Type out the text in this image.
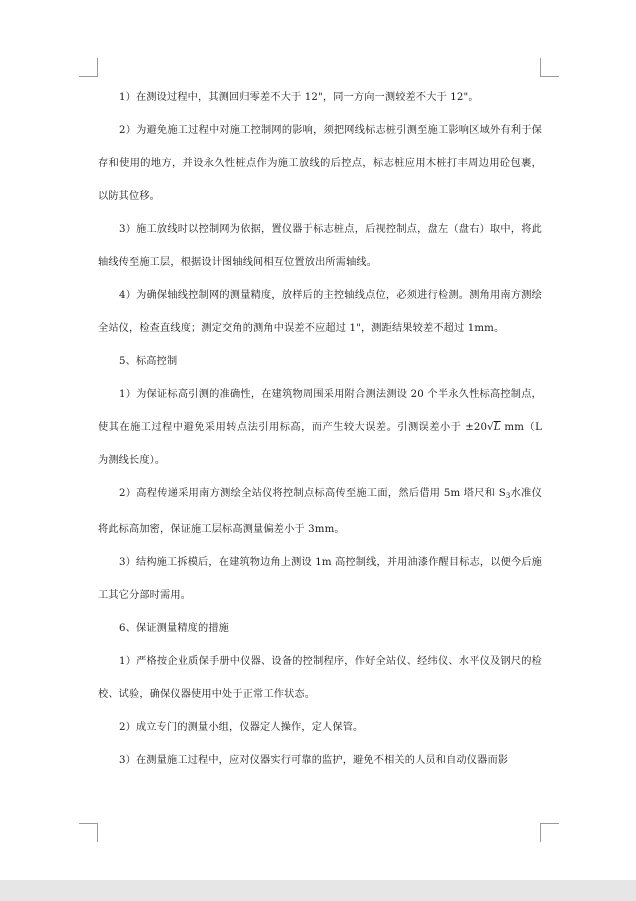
1）在测设过程中，其测回归零差不大于 12"，同一方向一测较差不大于 12"。

2）为避免施工过程中对施工控制网的影响，须把网线标志桩引测至施工影响区域外有利于保存和使用的地方，并设永久性桩点作为施工放线的后控点，标志桩应用木桩打丰周边用砼包裹，以防其位移。

3）施工放线时以控制网为依据，置仪器于标志桩点，后视控制点，盘左（盘右）取中，将此轴线传至施工层，根据设计图轴线间相互位置放出所需轴线。

4）为确保轴线控制网的测量精度，放样后的主控轴线点位，必须进行检测。测角用南方测绘全站仪，检查直线度；测定交角的测角中误差不应超过 1"，测距结果较差不超过 1mm。

5、标高控制

1）为保证标高引测的准确性，在建筑物周围采用附合测法测设 20 个半永久性标高控制点，使其在施工过程中避免采用转点法引用标高，而产生较大误差。引测误差小于 ±20√L mm（L 为测线长度）。

2）高程传递采用南方测绘全站仪将控制点标高传至施工面，然后借用 5m 塔尺和 $S_3$水准仪将此标高加密，保证施工层标高测量偏差小于 3mm。

3）结构施工拆模后，在建筑物边角上测设 1m 高控制线，并用油漆作醒目标志，以便今后施工其它分部时需用。

6、保证测量精度的措施

1）严格按企业质保手册中仪器、设备的控制程序，作好全站仪、经纬仪、水平仪及钢尺的检校、试验，确保仪器使用中处于正常工作状态。

2）成立专门的测量小组，仪器定人操作，定人保管。

3）在测量施工过程中，应对仪器实行可靠的监护，避免不相关的人员和自动仪器而影
